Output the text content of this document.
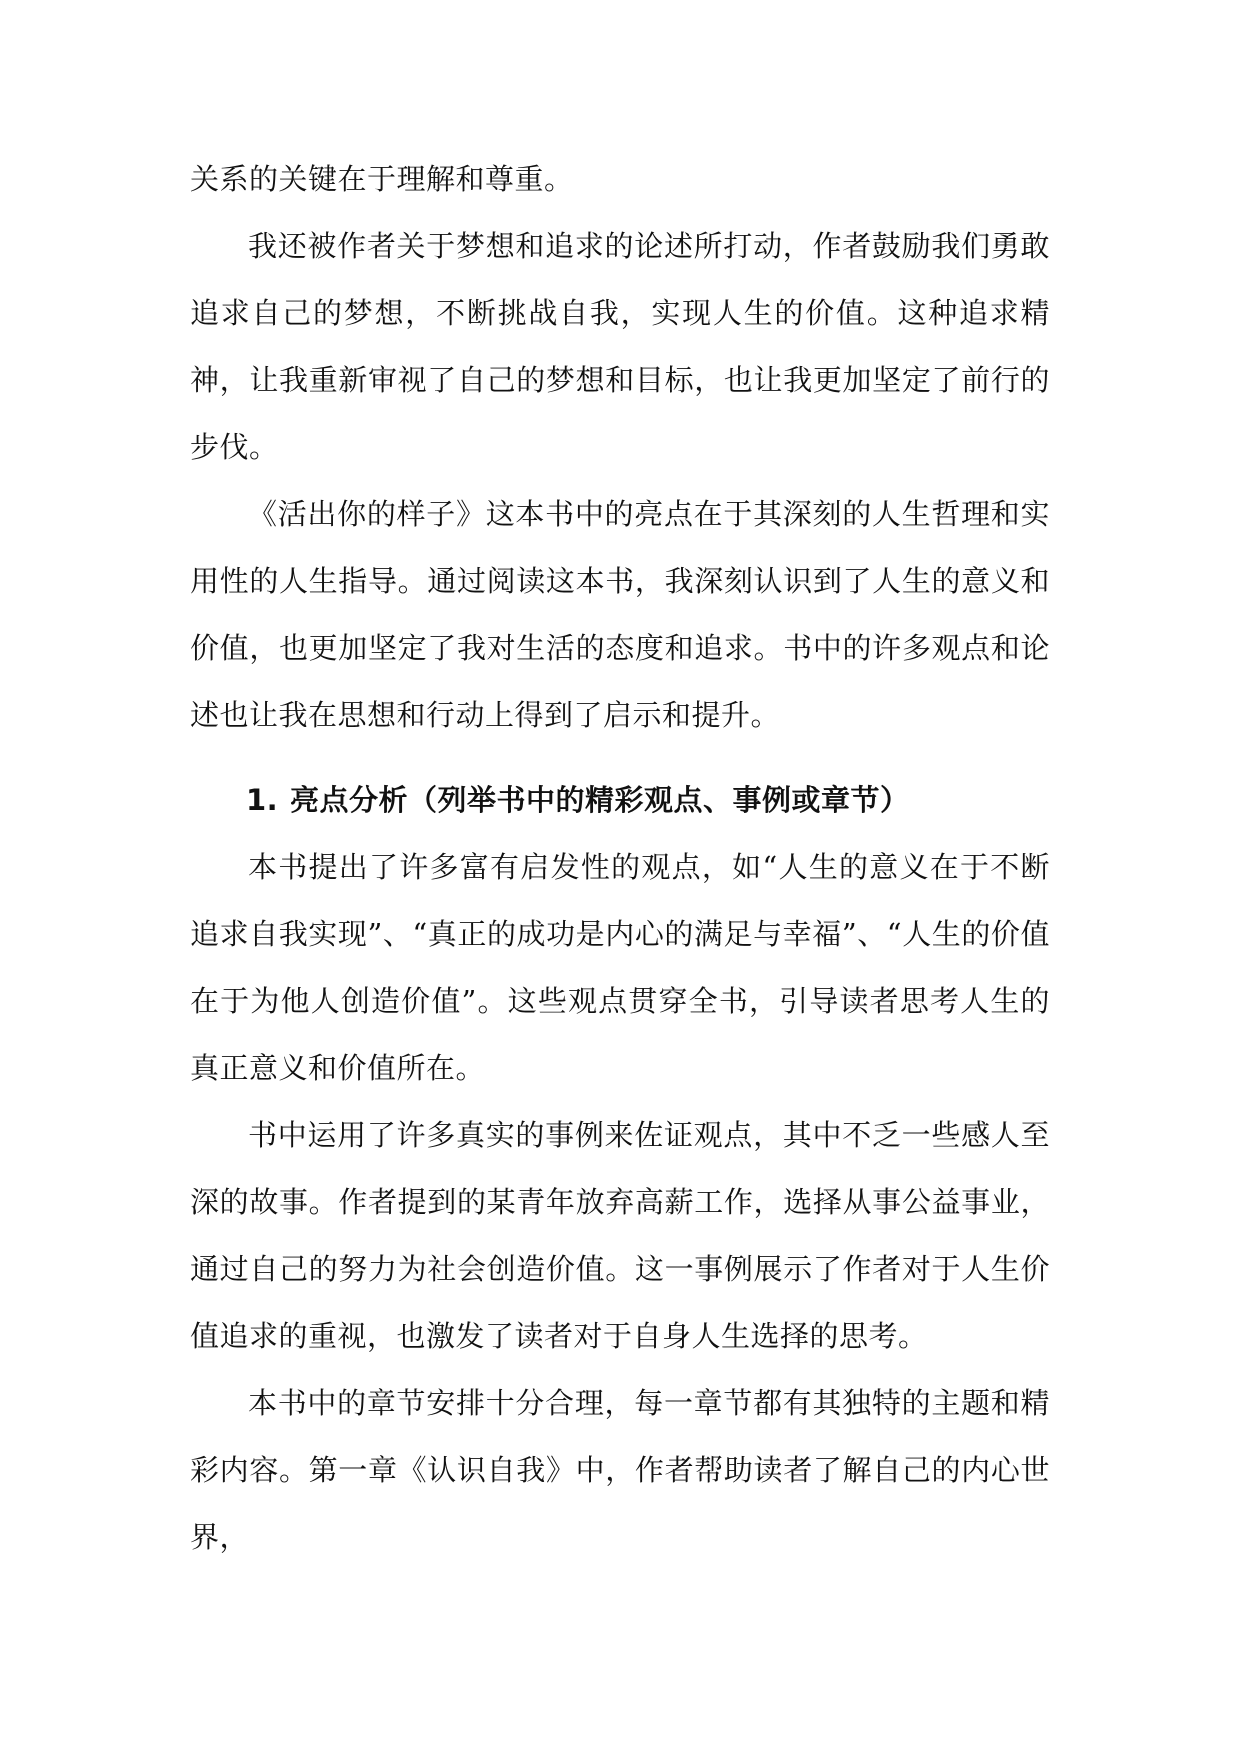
关系的关键在于理解和尊重。

我还被作者关于梦想和追求的论述所打动，作者鼓励我们勇敢追求自己的梦想，不断挑战自我，实现人生的价值。这种追求精神，让我重新审视了自己的梦想和目标，也让我更加坚定了前行的步伐。

《活出你的样子》这本书中的亮点在于其深刻的人生哲理和实用性的人生指导。通过阅读这本书，我深刻认识到了人生的意义和价值，也更加坚定了我对生活的态度和追求。书中的许多观点和论述也让我在思想和行动上得到了启示和提升。

1. 亮点分析（列举书中的精彩观点、事例或章节）

本书提出了许多富有启发性的观点，如“人生的意义在于不断追求自我实现”、“真正的成功是内心的满足与幸福”、“人生的价值在于为他人创造价值”。这些观点贯穿全书，引导读者思考人生的真正意义和价值所在。

书中运用了许多真实的事例来佐证观点，其中不乏一些感人至深的故事。作者提到的某青年放弃高薪工作，选择从事公益事业，通过自己的努力为社会创造价值。这一事例展示了作者对于人生价值追求的重视，也激发了读者对于自身人生选择的思考。

本书中的章节安排十分合理，每一章节都有其独特的主题和精彩内容。第一章《认识自我》中，作者帮助读者了解自己的内心世界，
